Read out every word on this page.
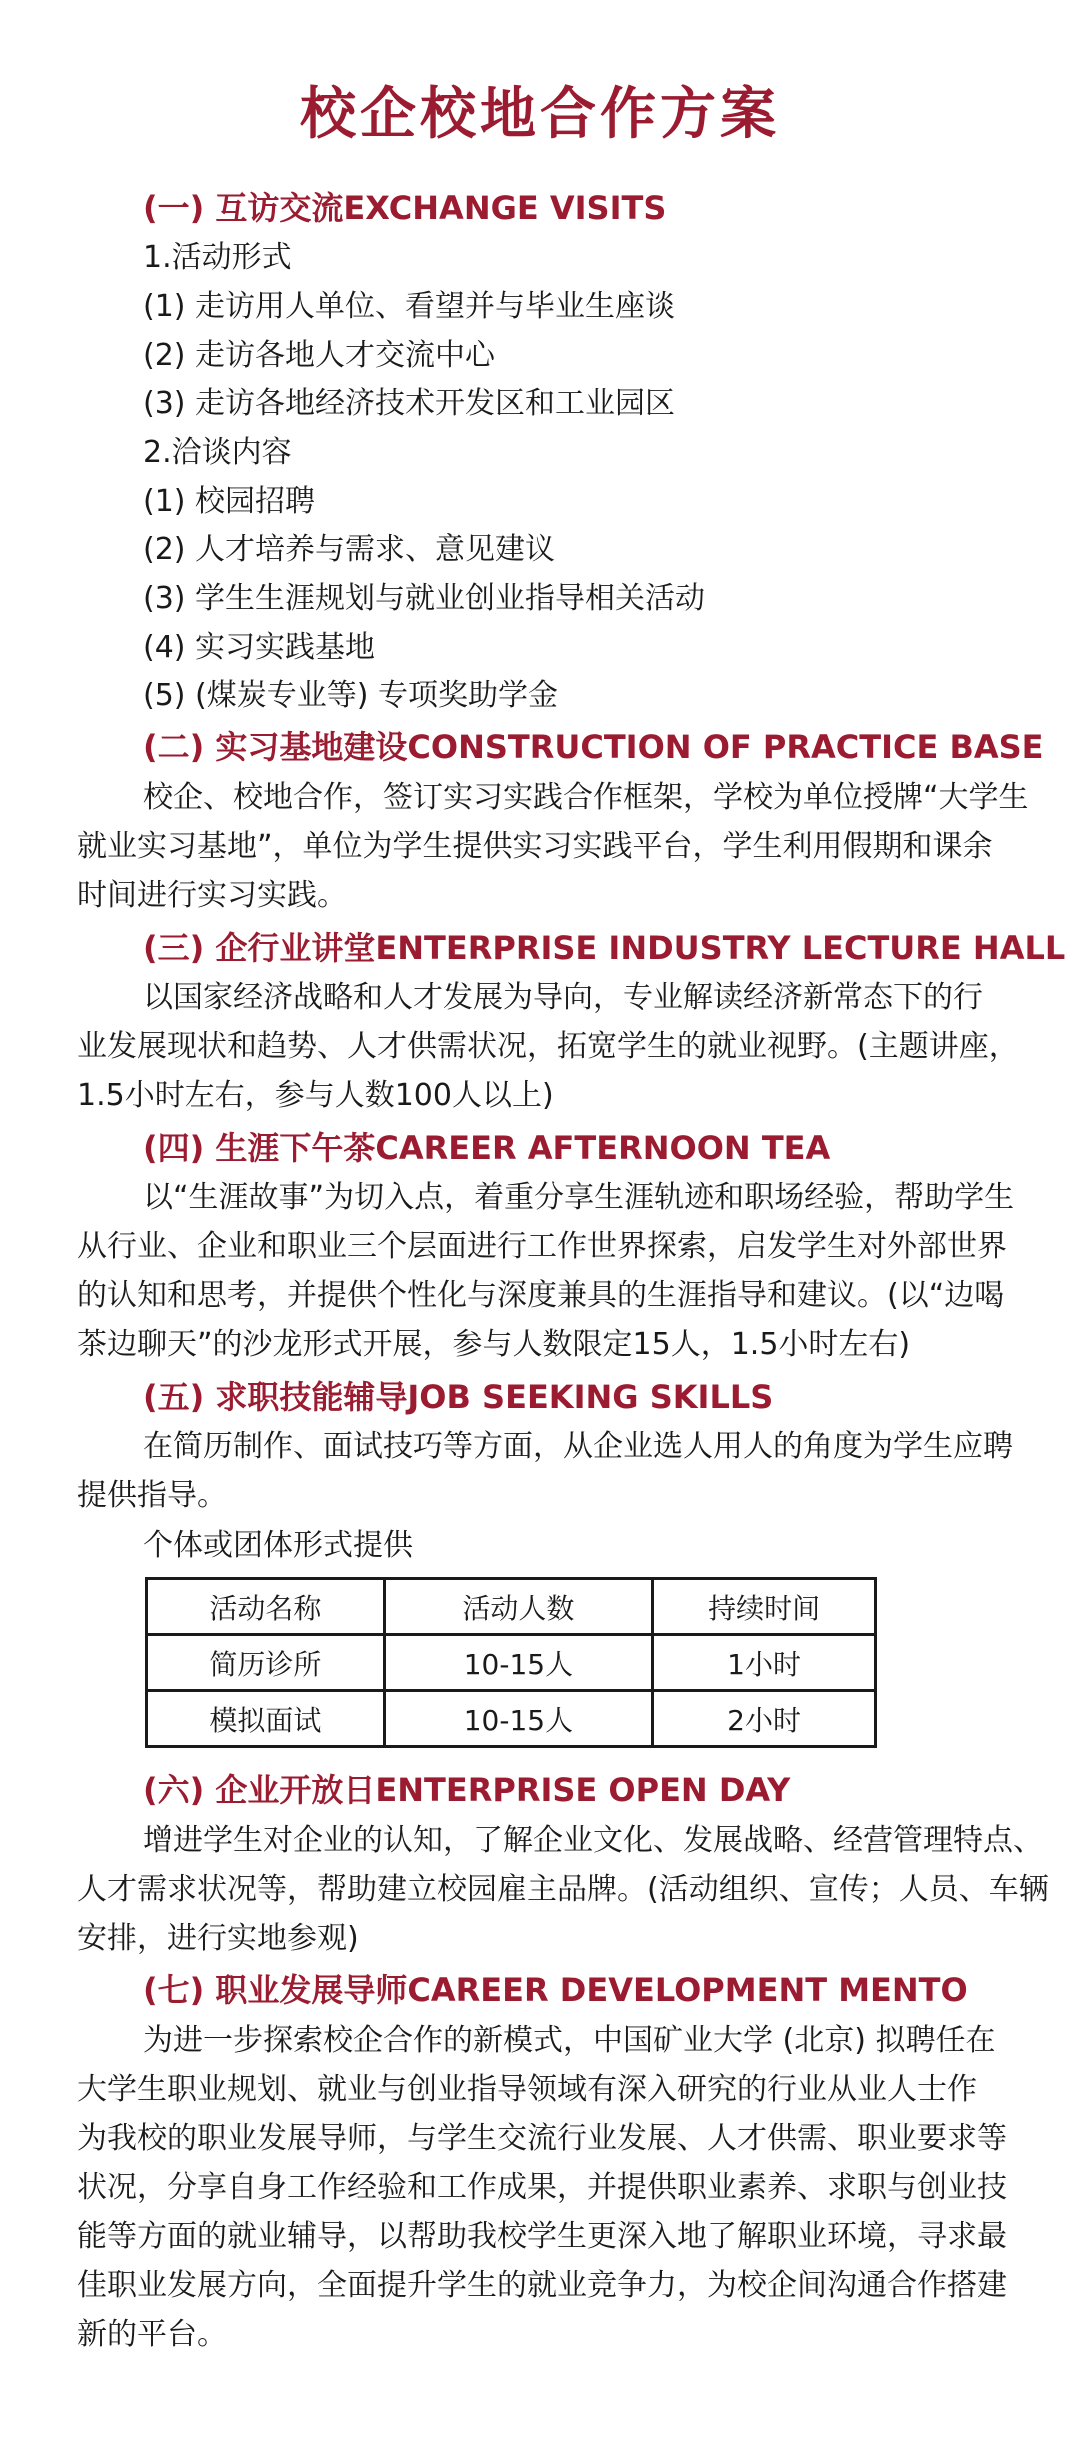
校企校地合作方案
(一) 互访交流EXCHANGE VISITS
1.活动形式
(1) 走访用人单位、看望并与毕业生座谈
(2) 走访各地人才交流中心
(3) 走访各地经济技术开发区和工业园区
2.洽谈内容
(1) 校园招聘
(2) 人才培养与需求、意见建议
(3) 学生生涯规划与就业创业指导相关活动
(4) 实习实践基地
(5) (煤炭专业等) 专项奖助学金
(二) 实习基地建设CONSTRUCTION OF PRACTICE BASE
校企、校地合作，签订实习实践合作框架，学校为单位授牌“大学生
就业实习基地”，单位为学生提供实习实践平台，学生利用假期和课余
时间进行实习实践。
(三) 企行业讲堂ENTERPRISE INDUSTRY LECTURE HALL
以国家经济战略和人才发展为导向，专业解读经济新常态下的行
业发展现状和趋势、人才供需状况，拓宽学生的就业视野。(主题讲座，
1.5小时左右，参与人数100人以上)
(四) 生涯下午茶CAREER AFTERNOON TEA
以“生涯故事”为切入点，着重分享生涯轨迹和职场经验，帮助学生
从行业、企业和职业三个层面进行工作世界探索，启发学生对外部世界
的认知和思考，并提供个性化与深度兼具的生涯指导和建议。(以“边喝
茶边聊天”的沙龙形式开展，参与人数限定15人，1.5小时左右)
(五) 求职技能辅导JOB SEEKING SKILLS
在简历制作、面试技巧等方面，从企业选人用人的角度为学生应聘
提供指导。
个体或团体形式提供
活动名称	活动人数	持续时间
简历诊所	10-15人	1小时
模拟面试	10-15人	2小时
(六) 企业开放日ENTERPRISE OPEN DAY
增进学生对企业的认知，了解企业文化、发展战略、经营管理特点、
人才需求状况等，帮助建立校园雇主品牌。(活动组织、宣传；人员、车辆
安排，进行实地参观)
(七) 职业发展导师CAREER DEVELOPMENT MENTO
为进一步探索校企合作的新模式，中国矿业大学 (北京) 拟聘任在
大学生职业规划、就业与创业指导领域有深入研究的行业从业人士作
为我校的职业发展导师，与学生交流行业发展、人才供需、职业要求等
状况，分享自身工作经验和工作成果，并提供职业素养、求职与创业技
能等方面的就业辅导，以帮助我校学生更深入地了解职业环境，寻求最
佳职业发展方向，全面提升学生的就业竞争力，为校企间沟通合作搭建
新的平台。
